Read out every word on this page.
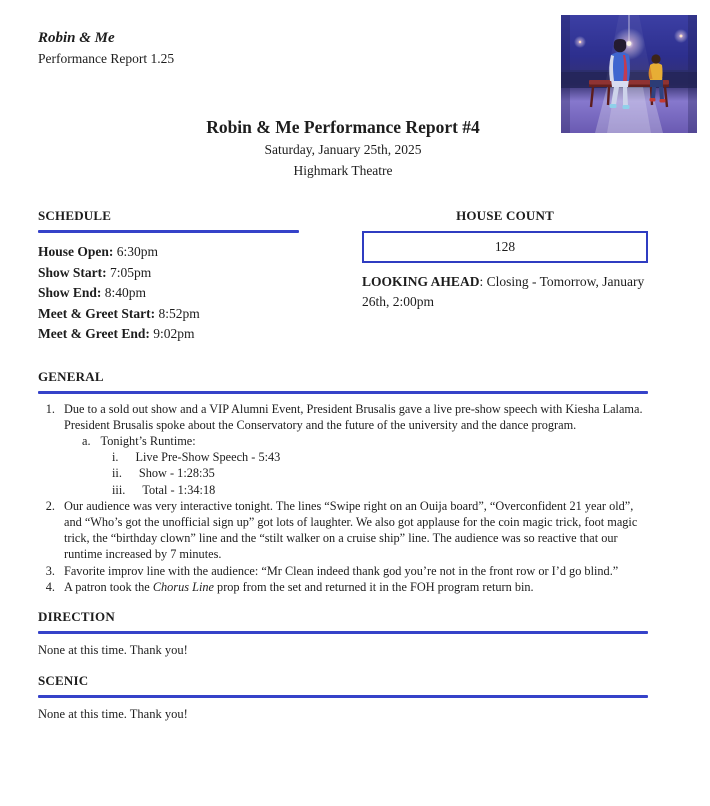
Robin & Me
Performance Report 1.25
Robin & Me Performance Report #4
Saturday, January 25th, 2025
Highmark Theatre
SCHEDULE
House Open: 6:30pm
Show Start: 7:05pm
Show End: 8:40pm
Meet & Greet Start: 8:52pm
Meet & Greet End: 9:02pm
HOUSE COUNT
128
LOOKING AHEAD: Closing - Tomorrow, January 26th, 2:00pm
GENERAL
1. Due to a sold out show and a VIP Alumni Event, President Brusalis gave a live pre-show speech with Kiesha Lalama. President Brusalis spoke about the Conservatory and the future of the university and the dance program.
a. Tonight’s Runtime:
i.	Live Pre-Show Speech - 5:43
ii.	Show - 1:28:35
iii.	Total - 1:34:18
2. Our audience was very interactive tonight. The lines “Swipe right on an Ouija board”, “Overconfident 21 year old”, and “Who’s got the unofficial sign up” got lots of laughter. We also got applause for the coin magic trick, foot magic trick, the “birthday clown” line and the “stilt walker on a cruise ship” line. The audience was so reactive that our runtime increased by 7 minutes.
3. Favorite improv line with the audience: “Mr Clean indeed thank god you’re not in the front row or I’d go blind.”
4. A patron took the Chorus Line prop from the set and returned it in the FOH program return bin.
DIRECTION
None at this time. Thank you!
SCENIC
None at this time. Thank you!
